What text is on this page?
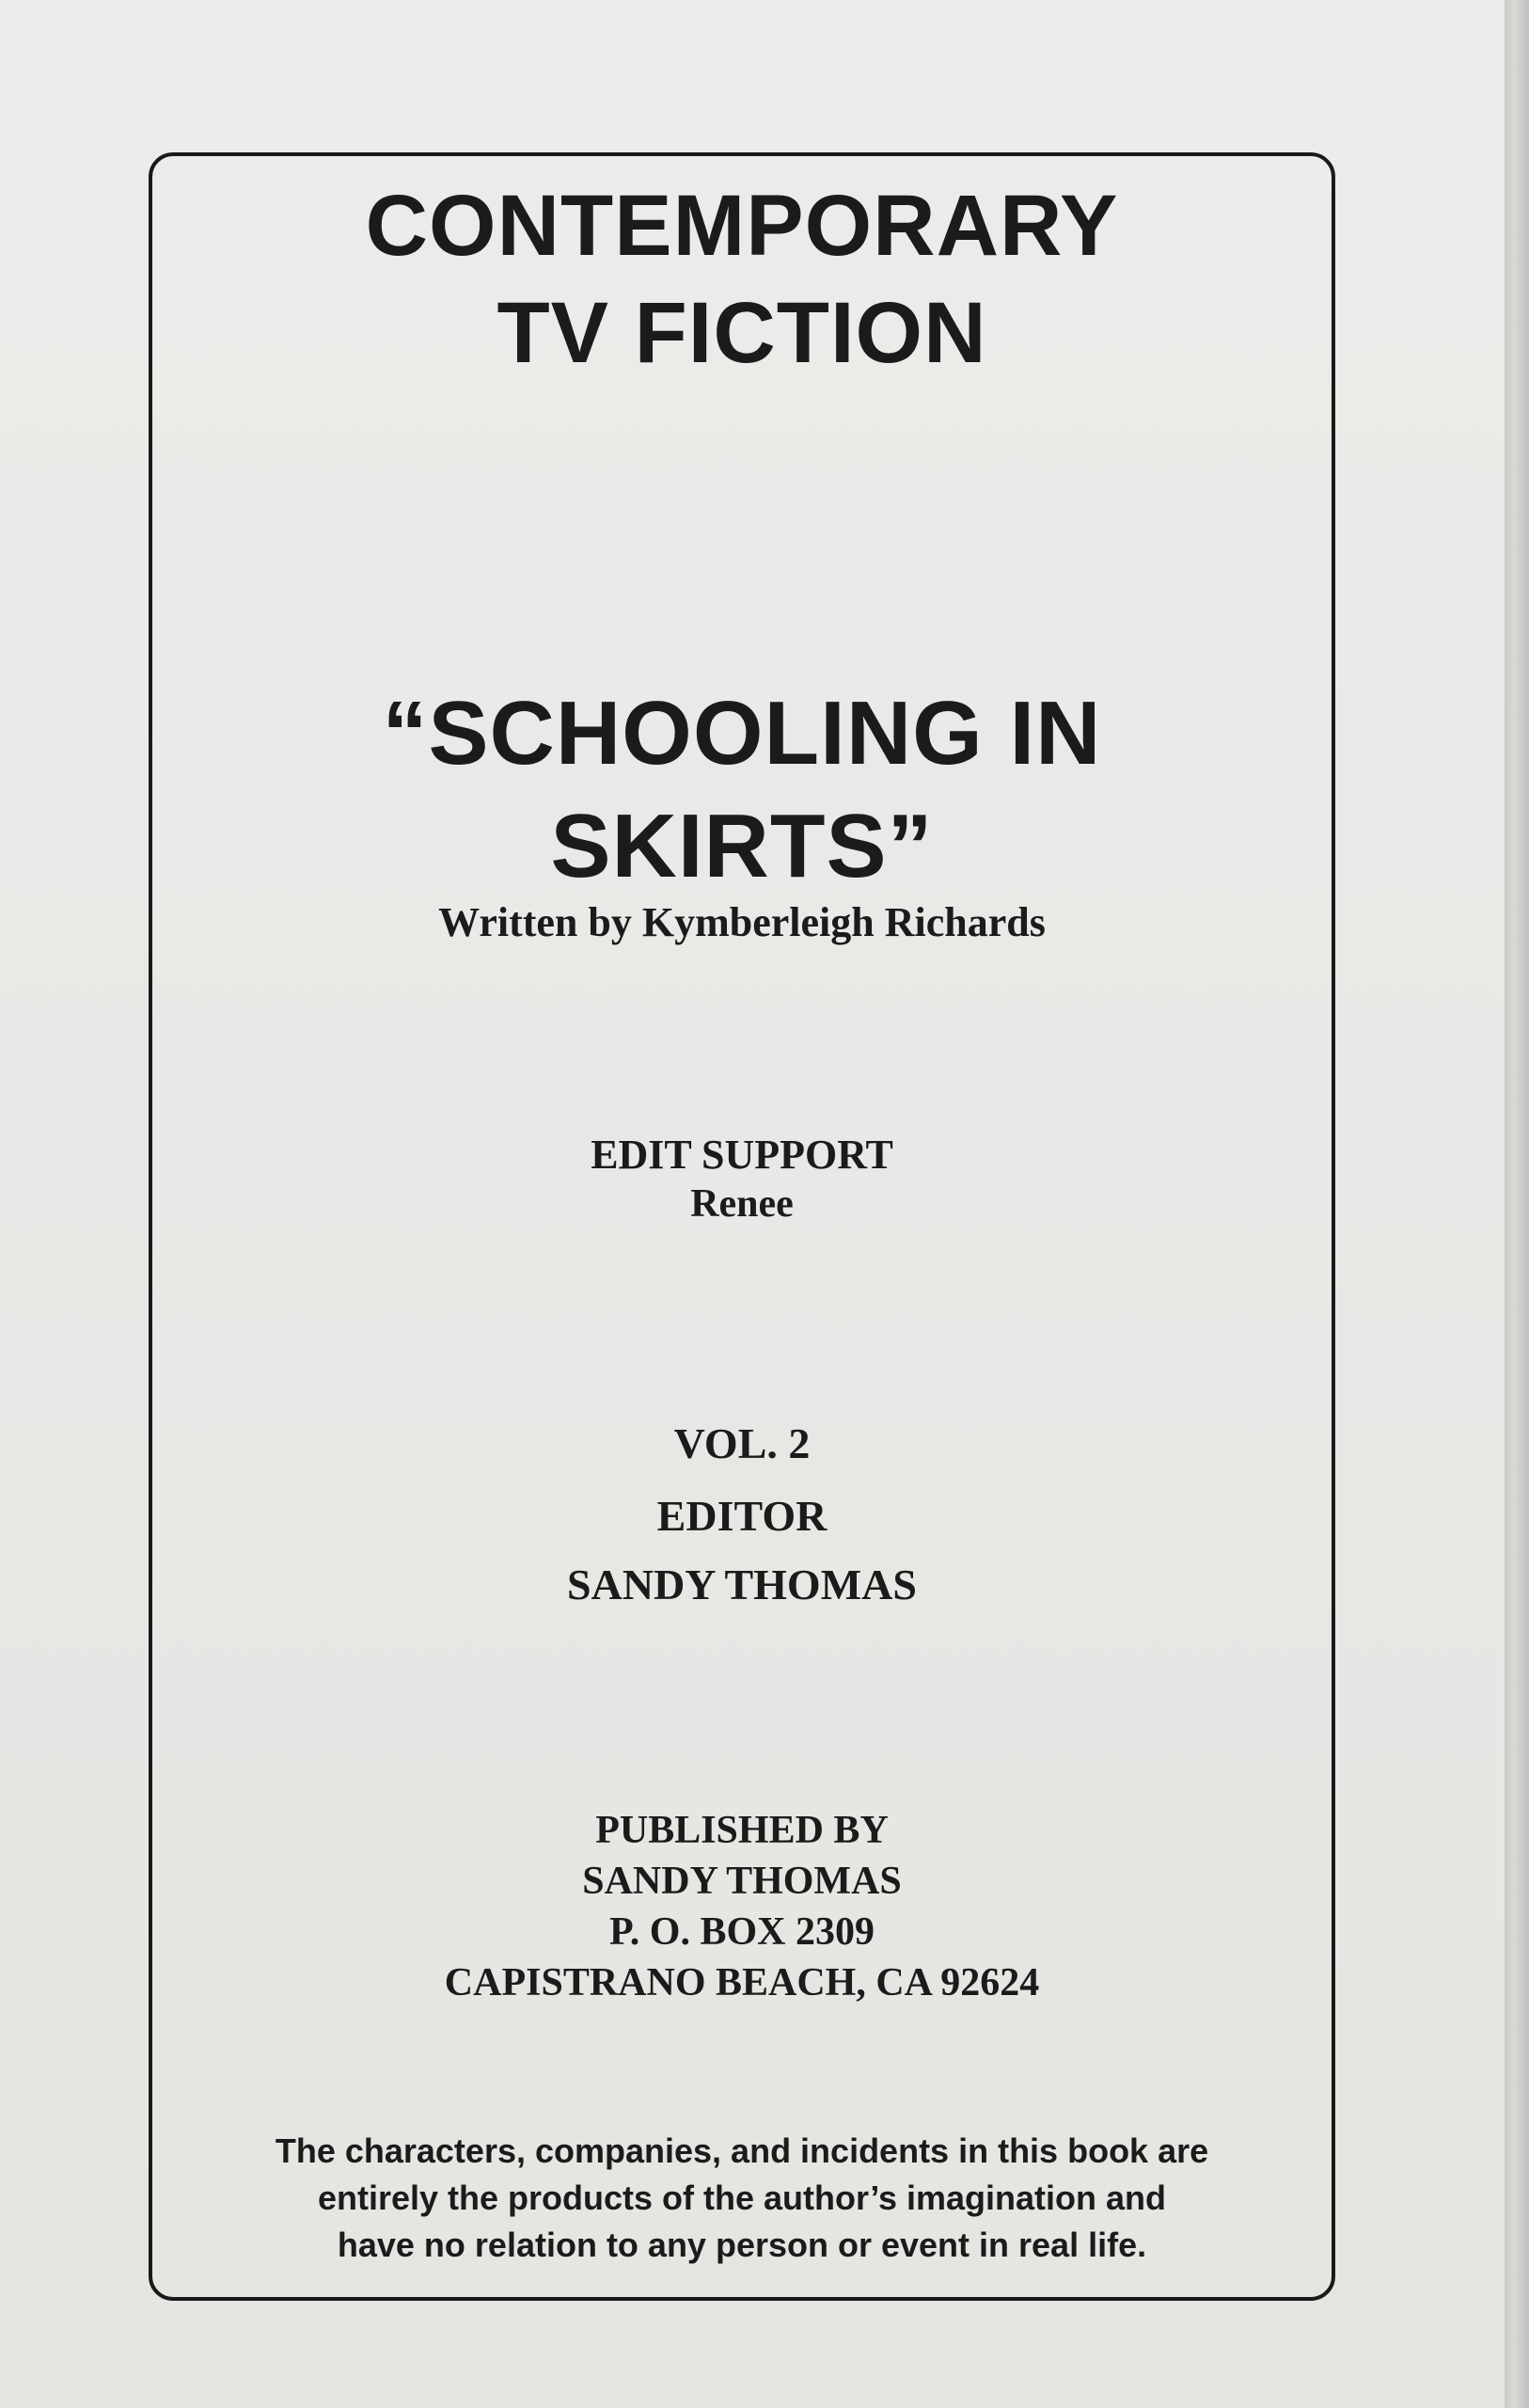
CONTEMPORARY
TV FICTION
“SCHOOLING IN
SKIRTS”
Written by Kymberleigh Richards
EDIT SUPPORT
Renee
VOL. 2
EDITOR
SANDY THOMAS
PUBLISHED BY
SANDY THOMAS
P. O. BOX 2309
CAPISTRANO BEACH, CA 92624
The characters, companies, and incidents in this book are
entirely the products of the author’s imagination and
have no relation to any person or event in real life.
